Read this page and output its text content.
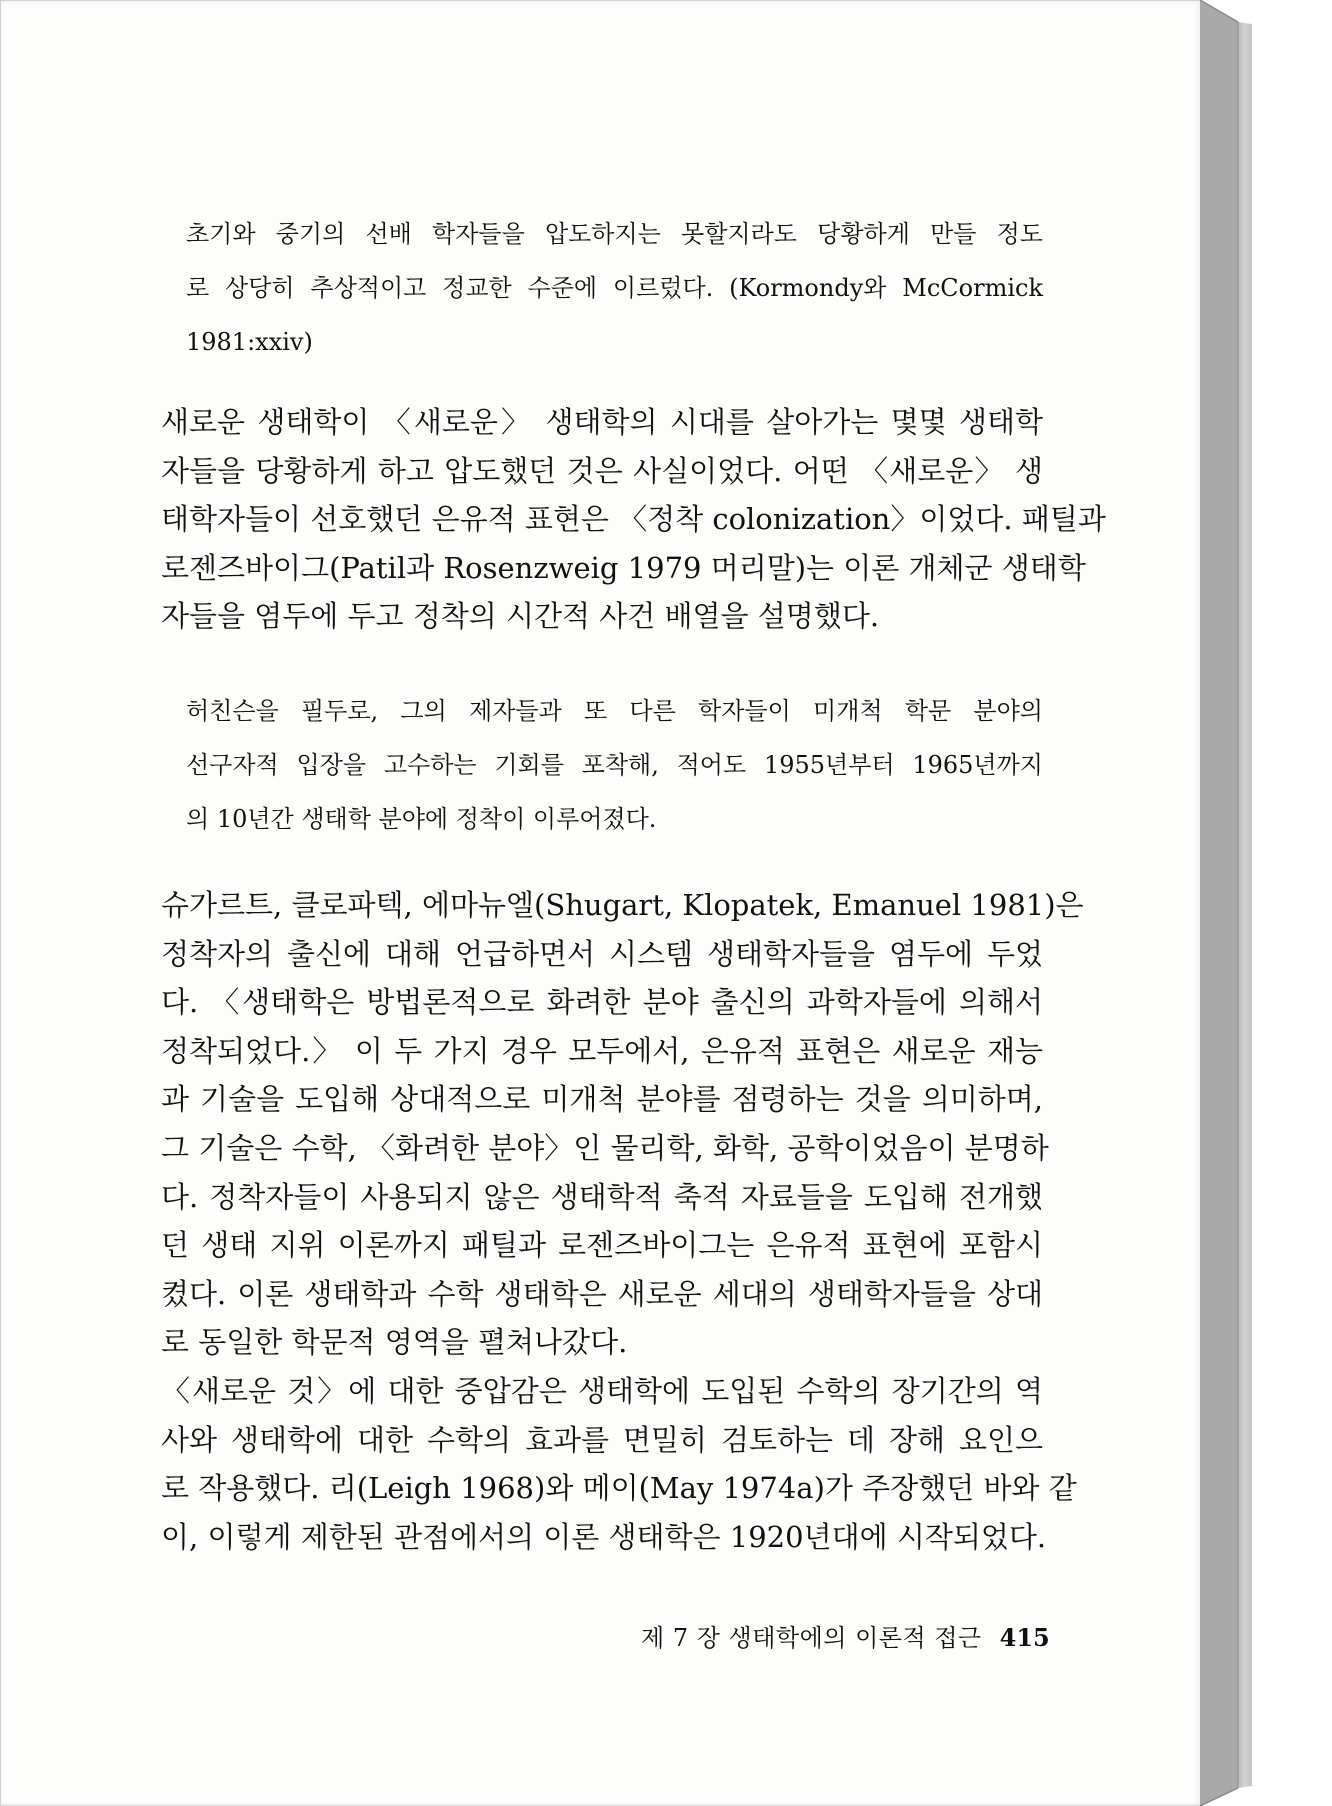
초기와 중기의 선배 학자들을 압도하지는 못할지라도 당황하게 만들 정도
로 상당히 추상적이고 정교한 수준에 이르렀다. (Kormondy와 McCormick
1981:xxiv)
새로운 생태학이 〈새로운〉 생태학의 시대를 살아가는 몇몇 생태학
자들을 당황하게 하고 압도했던 것은 사실이었다. 어떤 〈새로운〉 생
태학자들이 선호했던 은유적 표현은 〈정착 colonization〉이었다. 패틸과
로젠즈바이그(Patil과 Rosenzweig 1979 머리말)는 이론 개체군 생태학
자들을 염두에 두고 정착의 시간적 사건 배열을 설명했다.
허친슨을 필두로, 그의 제자들과 또 다른 학자들이 미개척 학문 분야의
선구자적 입장을 고수하는 기회를 포착해, 적어도 1955년부터 1965년까지
의 10년간 생태학 분야에 정착이 이루어졌다.
슈가르트, 클로파텍, 에마뉴엘(Shugart, Klopatek, Emanuel 1981)은
정착자의 출신에 대해 언급하면서 시스템 생태학자들을 염두에 두었
다. 〈생태학은 방법론적으로 화려한 분야 출신의 과학자들에 의해서
정착되었다.〉 이 두 가지 경우 모두에서, 은유적 표현은 새로운 재능
과 기술을 도입해 상대적으로 미개척 분야를 점령하는 것을 의미하며,
그 기술은 수학, 〈화려한 분야〉인 물리학, 화학, 공학이었음이 분명하
다. 정착자들이 사용되지 않은 생태학적 축적 자료들을 도입해 전개했
던 생태 지위 이론까지 패틸과 로젠즈바이그는 은유적 표현에 포함시
켰다. 이론 생태학과 수학 생태학은 새로운 세대의 생태학자들을 상대
로 동일한 학문적 영역을 펼쳐나갔다.
〈새로운 것〉에 대한 중압감은 생태학에 도입된 수학의 장기간의 역
사와 생태학에 대한 수학의 효과를 면밀히 검토하는 데 장해 요인으
로 작용했다. 리(Leigh 1968)와 메이(May 1974a)가 주장했던 바와 같
이, 이렇게 제한된 관점에서의 이론 생태학은 1920년대에 시작되었다.
제 7 장 생태학에의 이론적 접근 415
